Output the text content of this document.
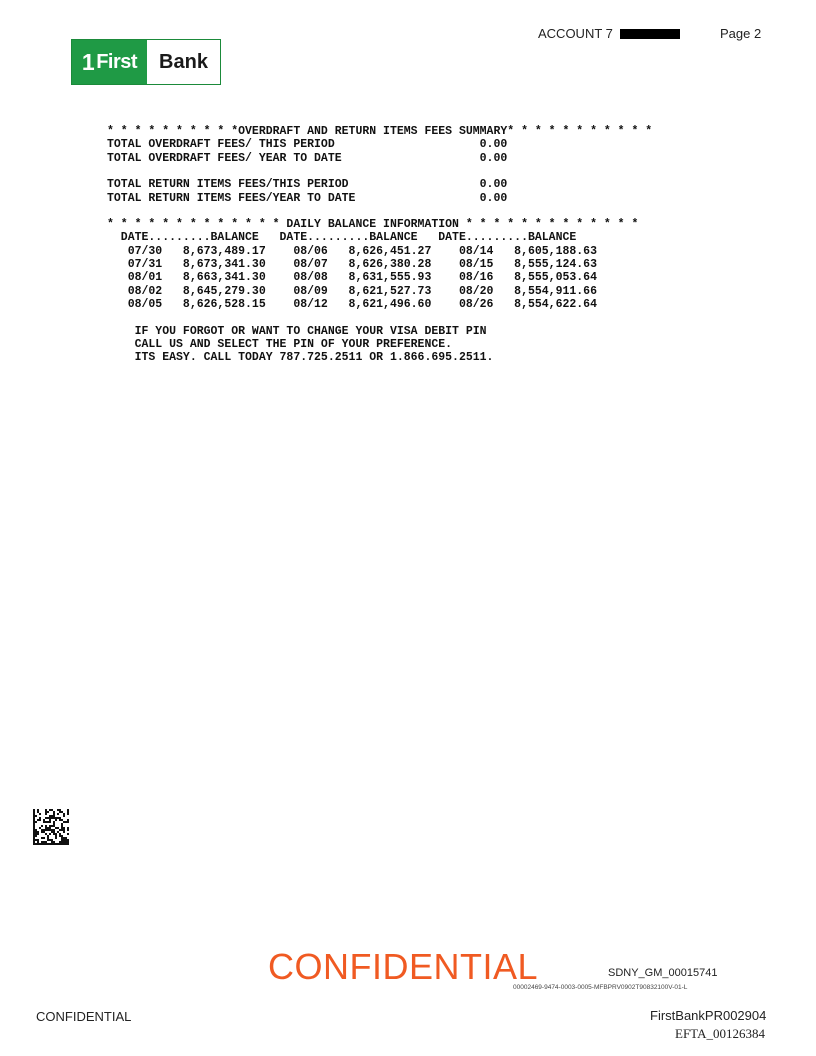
ACCOUNT 7	Page 2
1 First	Bank
* * * * * * * * * *OVERDRAFT AND RETURN ITEMS FEES SUMMARY* * * * * * * * * * *
TOTAL OVERDRAFT FEES/ THIS PERIOD                     0.00
TOTAL OVERDRAFT FEES/ YEAR TO DATE                    0.00
TOTAL RETURN ITEMS FEES/THIS PERIOD                   0.00
TOTAL RETURN ITEMS FEES/YEAR TO DATE                  0.00
* * * * * * * * * * * * * DAILY BALANCE INFORMATION * * * * * * * * * * * * *
DATE.........BALANCE   DATE.........BALANCE   DATE.........BALANCE
07/30   8,673,489.17    08/06   8,626,451.27    08/14   8,605,188.63
07/31   8,673,341.30    08/07   8,626,380.28    08/15   8,555,124.63
08/01   8,663,341.30    08/08   8,631,555.93    08/16   8,555,053.64
08/02   8,645,279.30    08/09   8,621,527.73    08/20   8,554,911.66
08/05   8,626,528.15    08/12   8,621,496.60    08/26   8,554,622.64
IF YOU FORGOT OR WANT TO CHANGE YOUR VISA DEBIT PIN
CALL US AND SELECT THE PIN OF YOUR PREFERENCE.
ITS EASY. CALL TODAY 787.725.2511 OR 1.866.695.2511.
CONFIDENTIAL	SDNY_GM_00015741
00002469-9474-0003-0005-MFBPRV0902T90832100V-01-L
CONFIDENTIAL	FirstBankPR002904
EFTA_00126384
